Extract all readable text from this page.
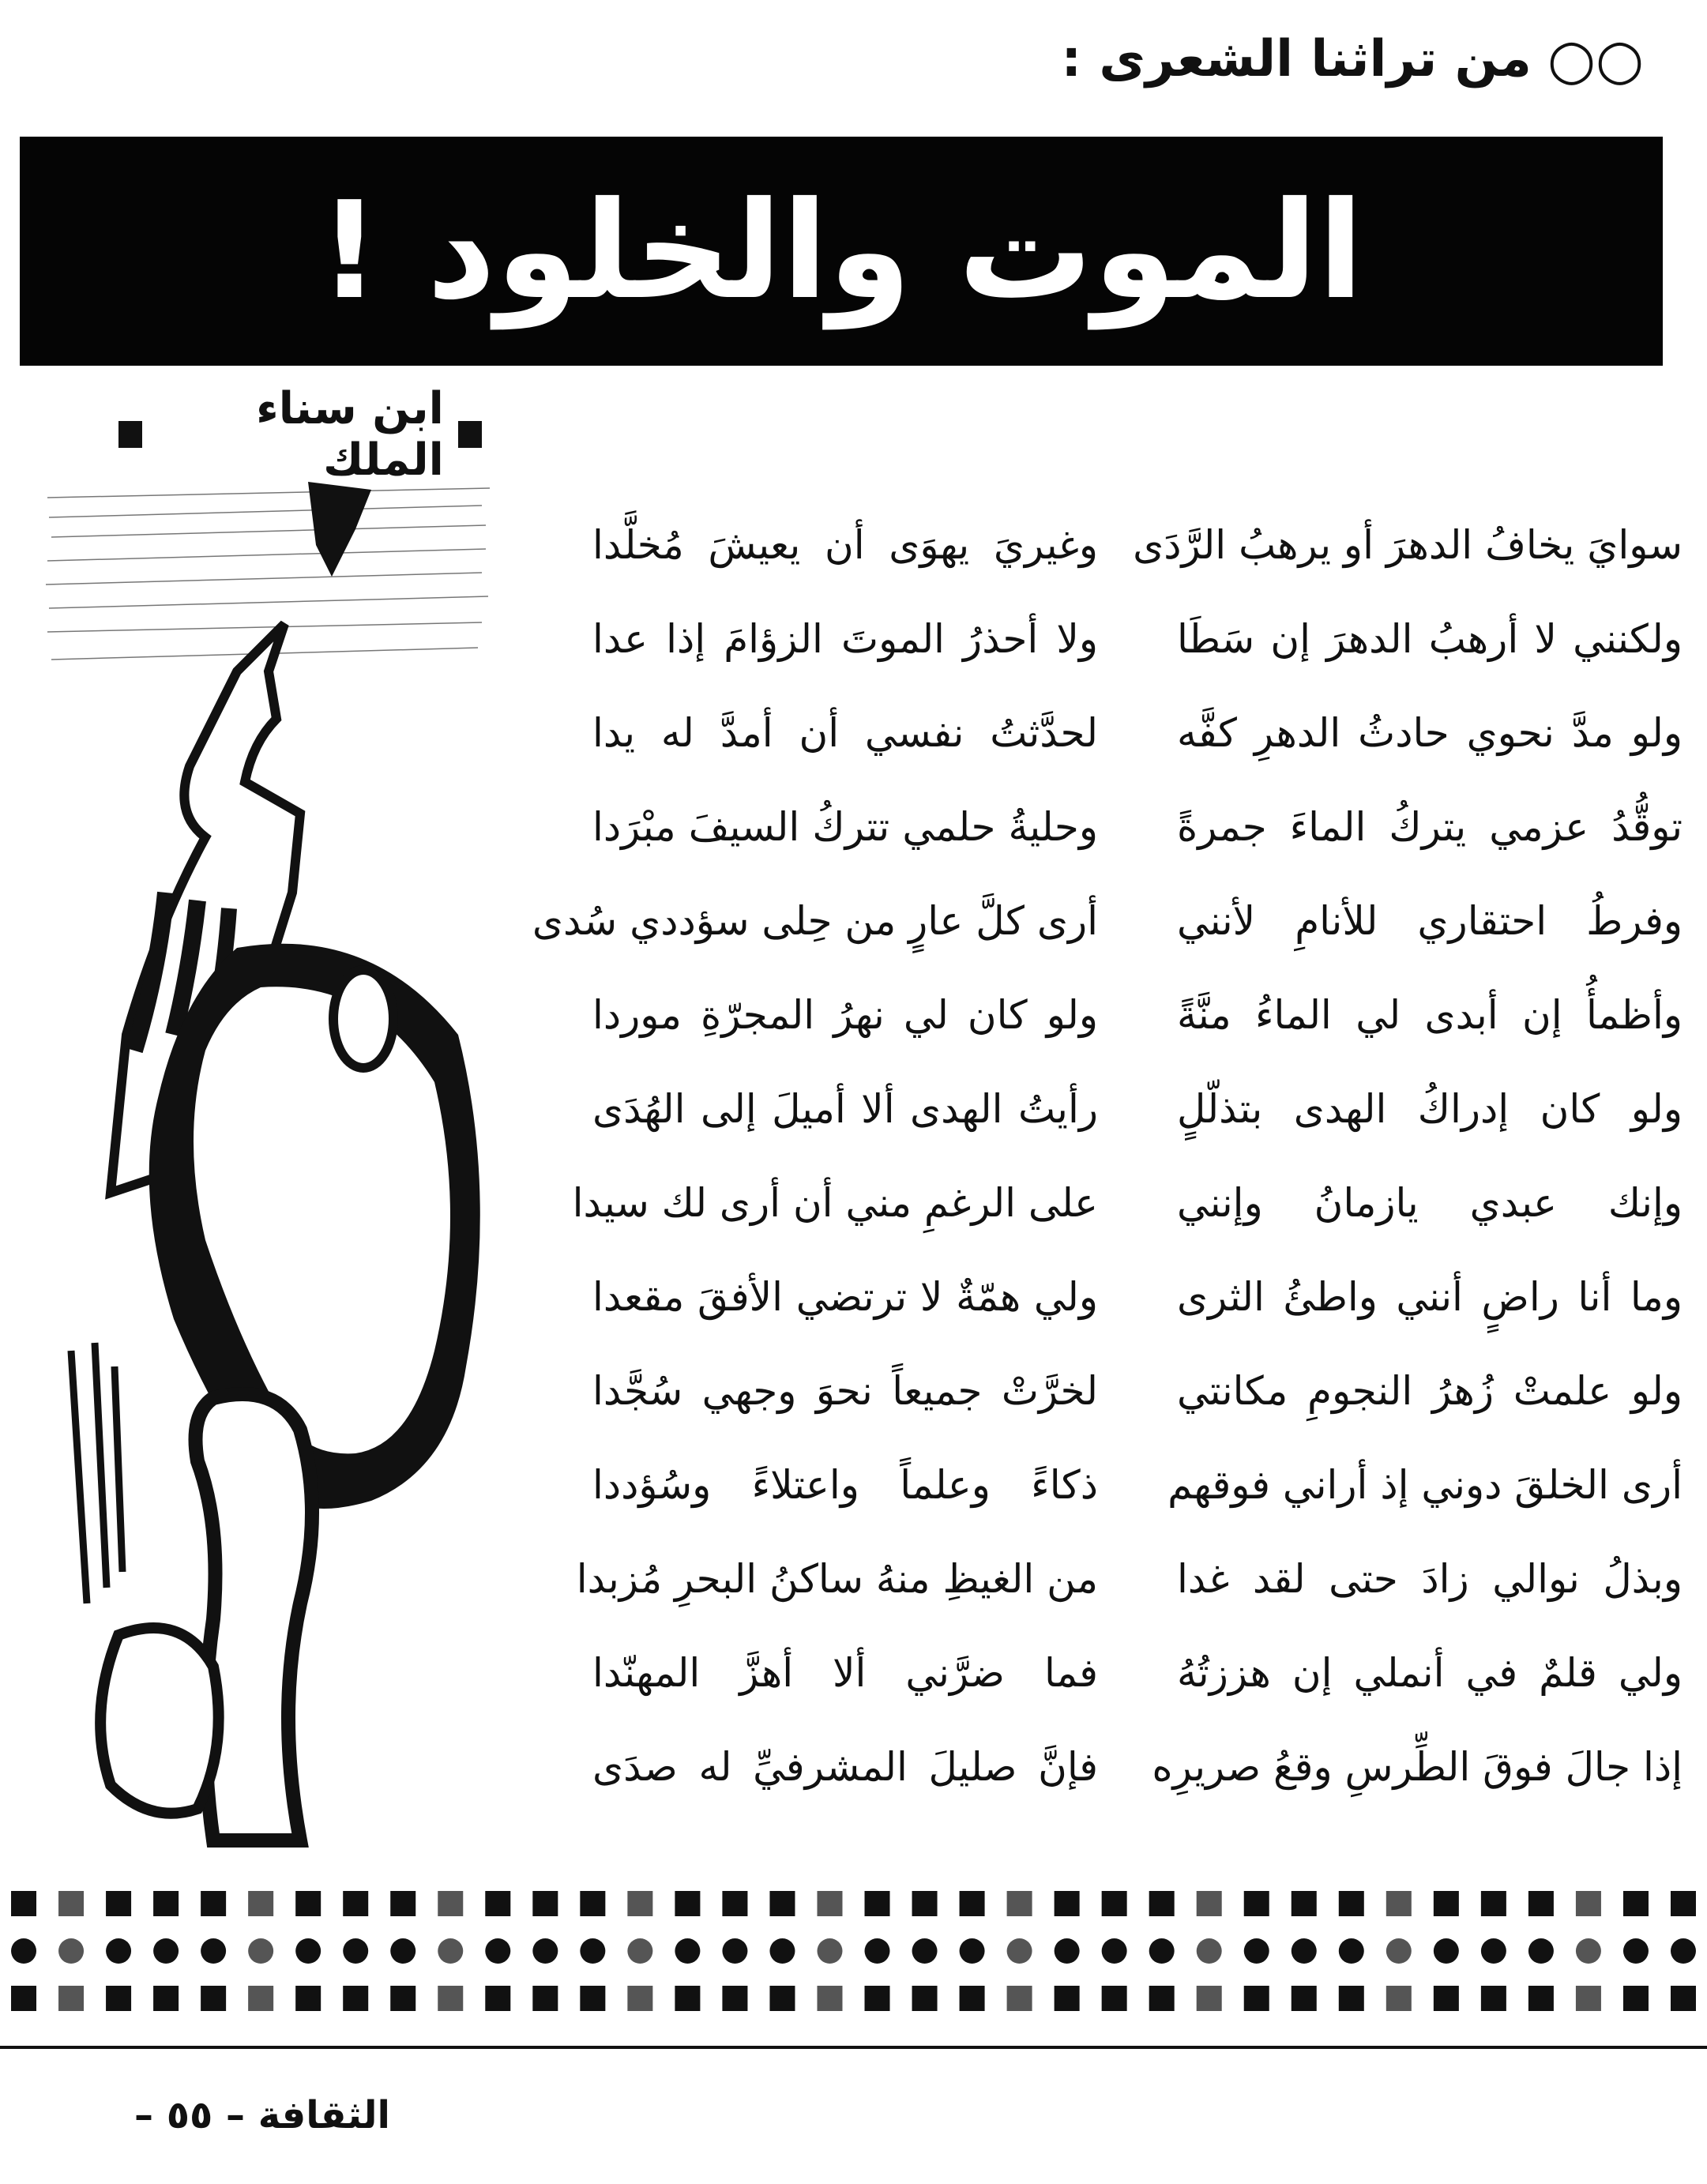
○○
من تراثنا الشعرى :
الموت والخلود !
ابن سناء الملك
سوايَ يخافُ الدهرَ أو يرهبُ الرَّدَى
وغيريَ يهوَى أن يعيشَ مُخلَّدا
ولكنني لا أرهبُ الدهرَ إن سَطَا
ولا أحذرُ الموتَ الزؤامَ إذا عدا
ولو مدَّ نحوي حادثُ الدهرِ كفَّه
لحدَّثتُ نفسي أن أمدَّ له يدا
توقُّدُ عزمي يتركُ الماءَ جمرةً
وحليةُ حلمي تتركُ السيفَ مبْرَدا
وفرطُ احتقاري للأنامِ لأنني
أرى كلَّ عارٍ من حِلى سؤددي سُدى
وأظمأُ إن أبدى لي الماءُ منَّةً
ولو كان لي نهرُ المجرّةِ موردا
ولو كان إدراكُ الهدى بتذلّلٍ
رأيتُ الهدى ألا أميلَ إلى الهُدَى
وإنك عبدي يازمانُ وإنني
على الرغمِ مني أن أرى لك سيدا
وما أنا راضٍ أنني واطئُ الثرى
ولي همّةٌ لا ترتضي الأفقَ مقعدا
ولو علمتْ زُهرُ النجومِ مكانتي
لخرَّتْ جميعاً نحوَ وجهي سُجَّدا
أرى الخلقَ دوني إذ أراني فوقهم
ذكاءً وعلماً واعتلاءً وسُؤددا
وبذلُ نوالي زادَ حتى لقد غدا
من الغيظِ منهُ ساكنُ البحرِ مُزبدا
ولي قلمٌ في أنملي إن هززتُهُ
فما ضرَّني ألا أهزَّ المهنّدا
إذا جالَ فوقَ الطِّرسِ وقعُ صريرِه
فإنَّ صليلَ المشرفيِّ له صدَى
الثقافة – ٥٥ –
